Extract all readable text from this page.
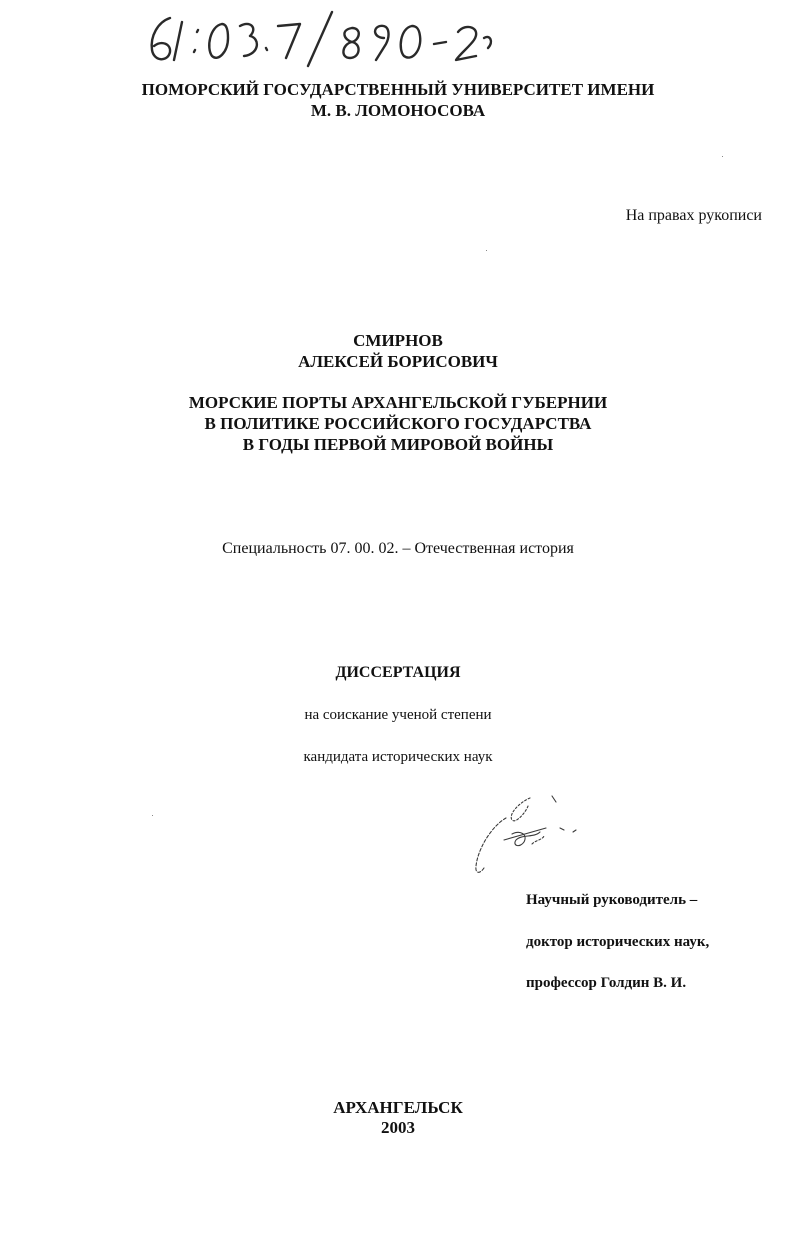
ПОМОРСКИЙ ГОСУДАРСТВЕННЫЙ УНИВЕРСИТЕТ ИМЕНИ
М. В. ЛОМОНОСОВА
На правах рукописи
СМИРНОВ
АЛЕКСЕЙ БОРИСОВИЧ
МОРСКИЕ ПОРТЫ АРХАНГЕЛЬСКОЙ ГУБЕРНИИ
В ПОЛИТИКЕ РОССИЙСКОГО ГОСУДАРСТВА
В ГОДЫ ПЕРВОЙ МИРОВОЙ ВОЙНЫ
Специальность 07. 00. 02. – Отечественная история
ДИССЕРТАЦИЯ
на соискание ученой степени
кандидата исторических наук
Научный руководитель –
доктор исторических наук,
профессор Голдин В. И.
АРХАНГЕЛЬСК
2003
